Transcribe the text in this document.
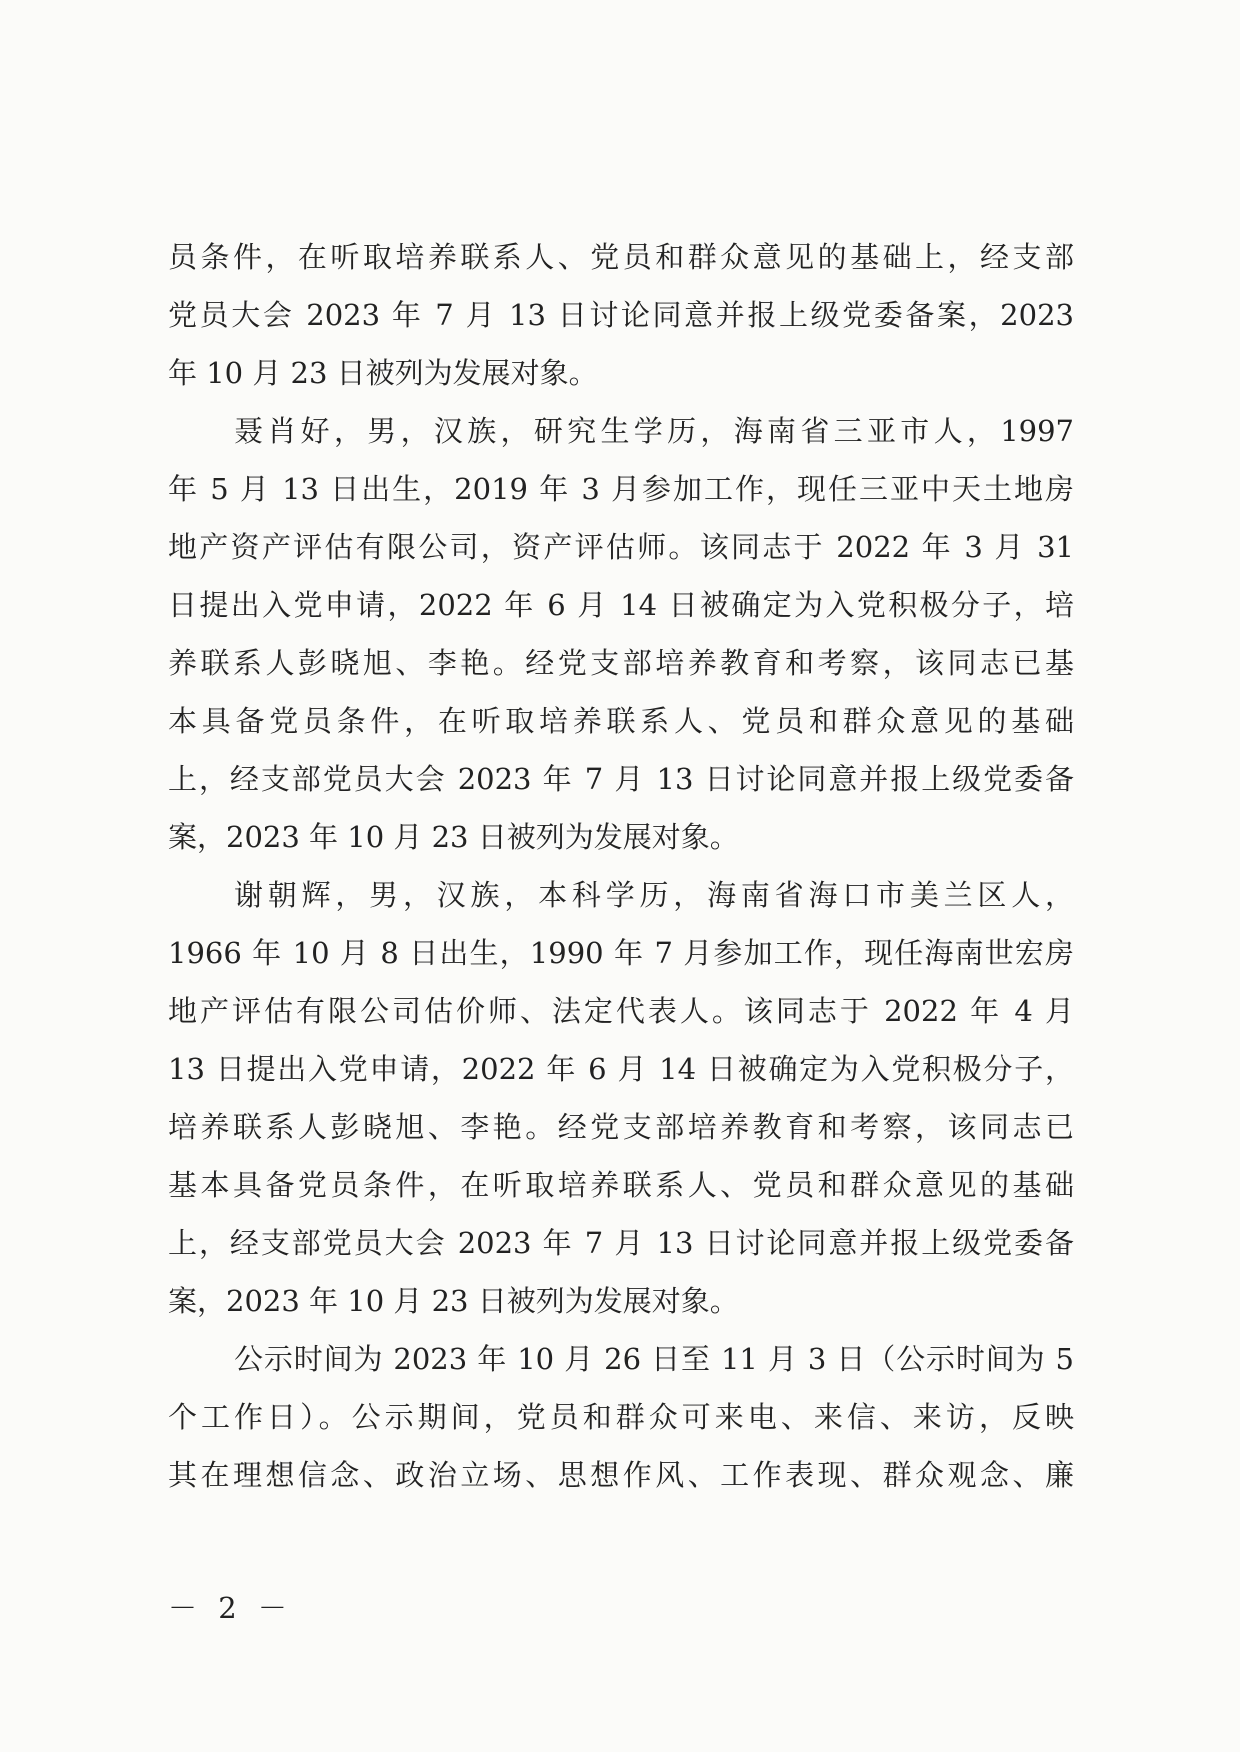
员条件，在听取培养联系人、党员和群众意见的基础上，经支部
党员大会 2023 年 7 月 13 日讨论同意并报上级党委备案，2023
年 10 月 23 日被列为发展对象。
聂肖好，男，汉族，研究生学历，海南省三亚市人，1997
年 5 月 13 日出生，2019 年 3 月参加工作，现任三亚中天土地房
地产资产评估有限公司，资产评估师。该同志于 2022 年 3 月 31
日提出入党申请，2022 年 6 月 14 日被确定为入党积极分子，培
养联系人彭晓旭、李艳。经党支部培养教育和考察，该同志已基
本具备党员条件，在听取培养联系人、党员和群众意见的基础
上，经支部党员大会 2023 年 7 月 13 日讨论同意并报上级党委备
案，2023 年 10 月 23 日被列为发展对象。
谢朝辉，男，汉族，本科学历，海南省海口市美兰区人，
1966 年 10 月 8 日出生，1990 年 7 月参加工作，现任海南世宏房
地产评估有限公司估价师、法定代表人。该同志于 2022 年 4 月
13 日提出入党申请，2022 年 6 月 14 日被确定为入党积极分子，
培养联系人彭晓旭、李艳。经党支部培养教育和考察，该同志已
基本具备党员条件，在听取培养联系人、党员和群众意见的基础
上，经支部党员大会 2023 年 7 月 13 日讨论同意并报上级党委备
案，2023 年 10 月 23 日被列为发展对象。
公示时间为 2023 年 10 月 26 日至 11 月 3 日（公示时间为 5
个工作日）。公示期间，党员和群众可来电、来信、来访，反映
其在理想信念、政治立场、思想作风、工作表现、群众观念、廉
－ 2 －
